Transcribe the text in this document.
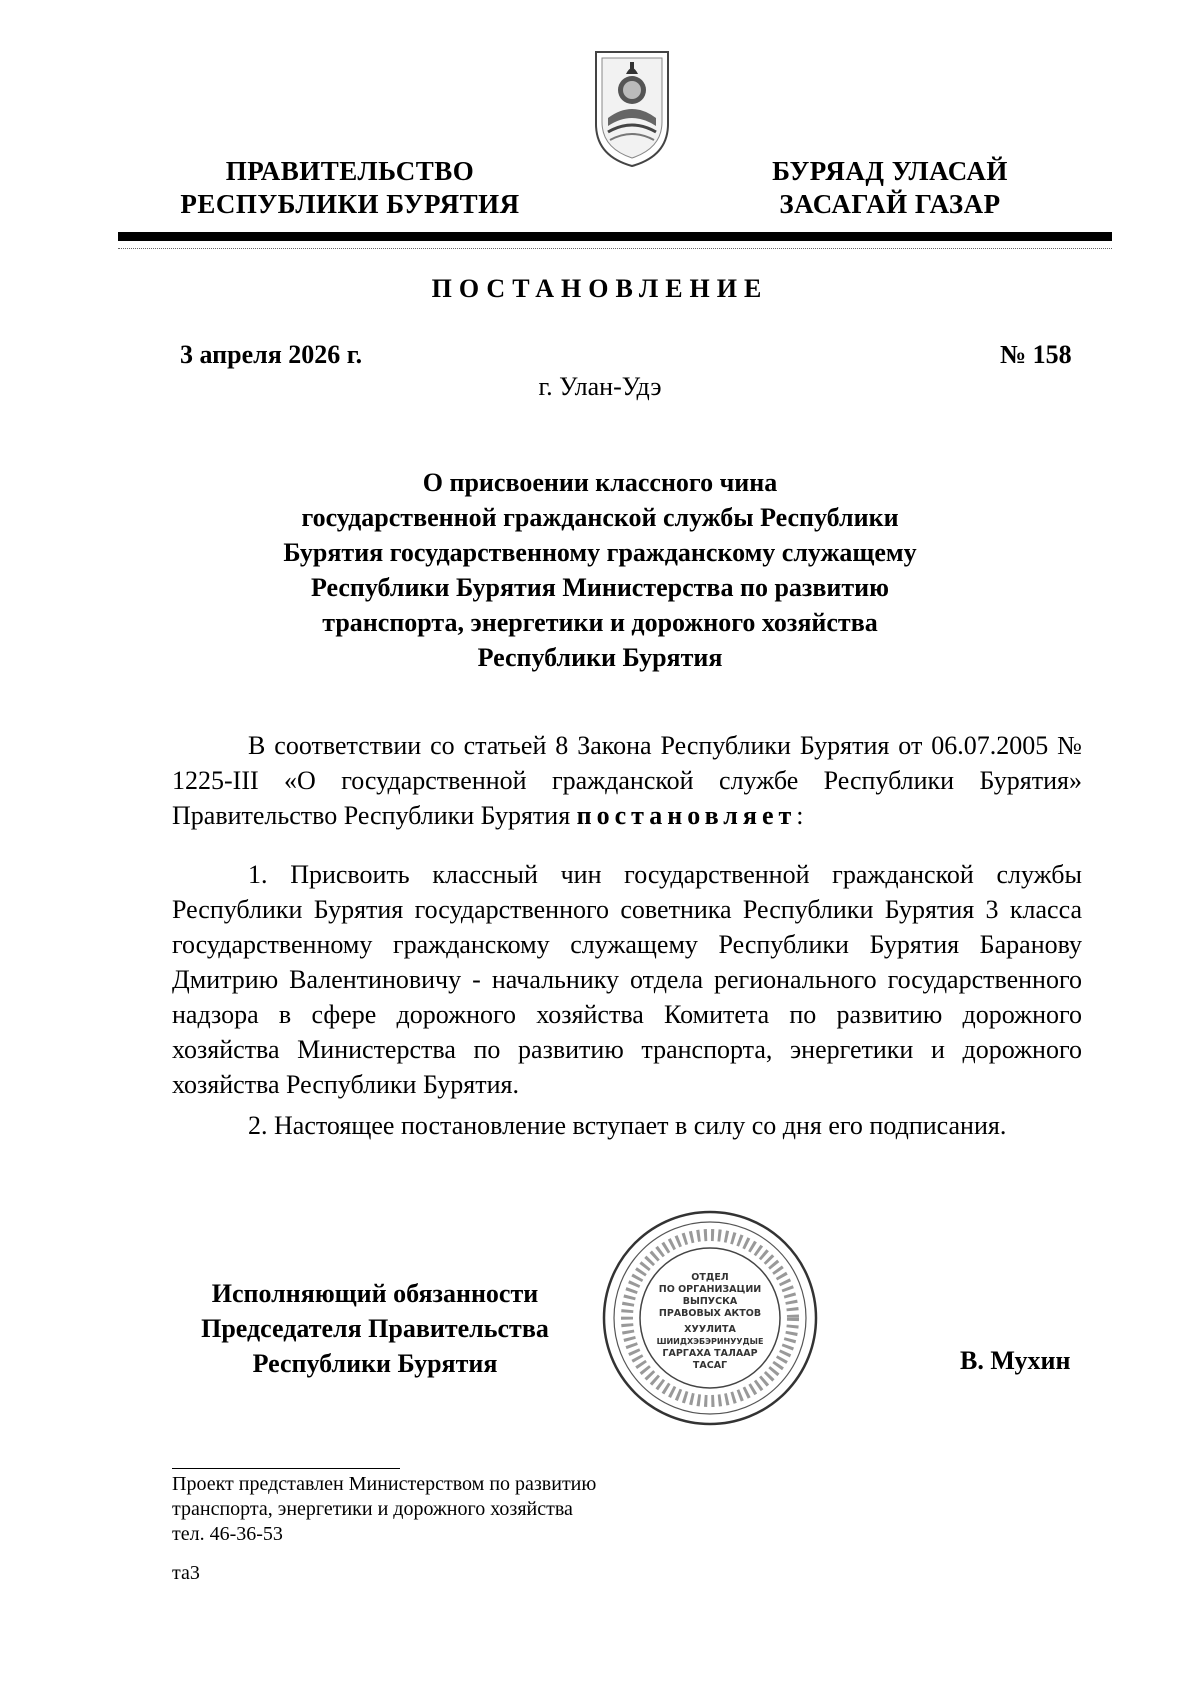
ПРАВИТЕЛЬСТВО
РЕСПУБЛИКИ БУРЯТИЯ
БУРЯАД УЛАСАЙ
ЗАСАГАЙ ГАЗАР
ПОСТАНОВЛЕНИЕ
3 апреля 2026 г.	№ 158
г. Улан-Удэ
О присвоении классного чина
государственной гражданской службы Республики
Бурятия государственному гражданскому служащему
Республики Бурятия Министерства по развитию
транспорта, энергетики и дорожного хозяйства
Республики Бурятия
В соответствии со статьей 8 Закона Республики Бурятия от 06.07.2005 № 1225-III «О государственной гражданской службе Республики Бурятия» Правительство Республики Бурятия постановляет:
1. Присвоить классный чин государственной гражданской службы Республики Бурятия государственного советника Республики Бурятия 3 класса государственному гражданскому служащему Республики Бурятия Баранову Дмитрию Валентиновичу - начальнику отдела регионального государственного надзора в сфере дорожного хозяйства Комитета по развитию дорожного хозяйства Министерства по развитию транспорта, энергетики и дорожного хозяйства Республики Бурятия.
2. Настоящее постановление вступает в силу со дня его подписания.
Исполняющий обязанности
Председателя Правительства
Республики Бурятия	В. Мухин
ОТДЕЛ
ПО ОРГАНИЗАЦИИ
ВЫПУСКА
ПРАВОВЫХ АКТОВ
ХУУЛИТА
ШИИДХЭБЭРИНУУДЫЕ
ГАРГАХА ТАЛААР
ТАСАГ
Проект представлен Министерством по развитию
транспорта, энергетики и дорожного хозяйства
тел. 46-36-53
та3
